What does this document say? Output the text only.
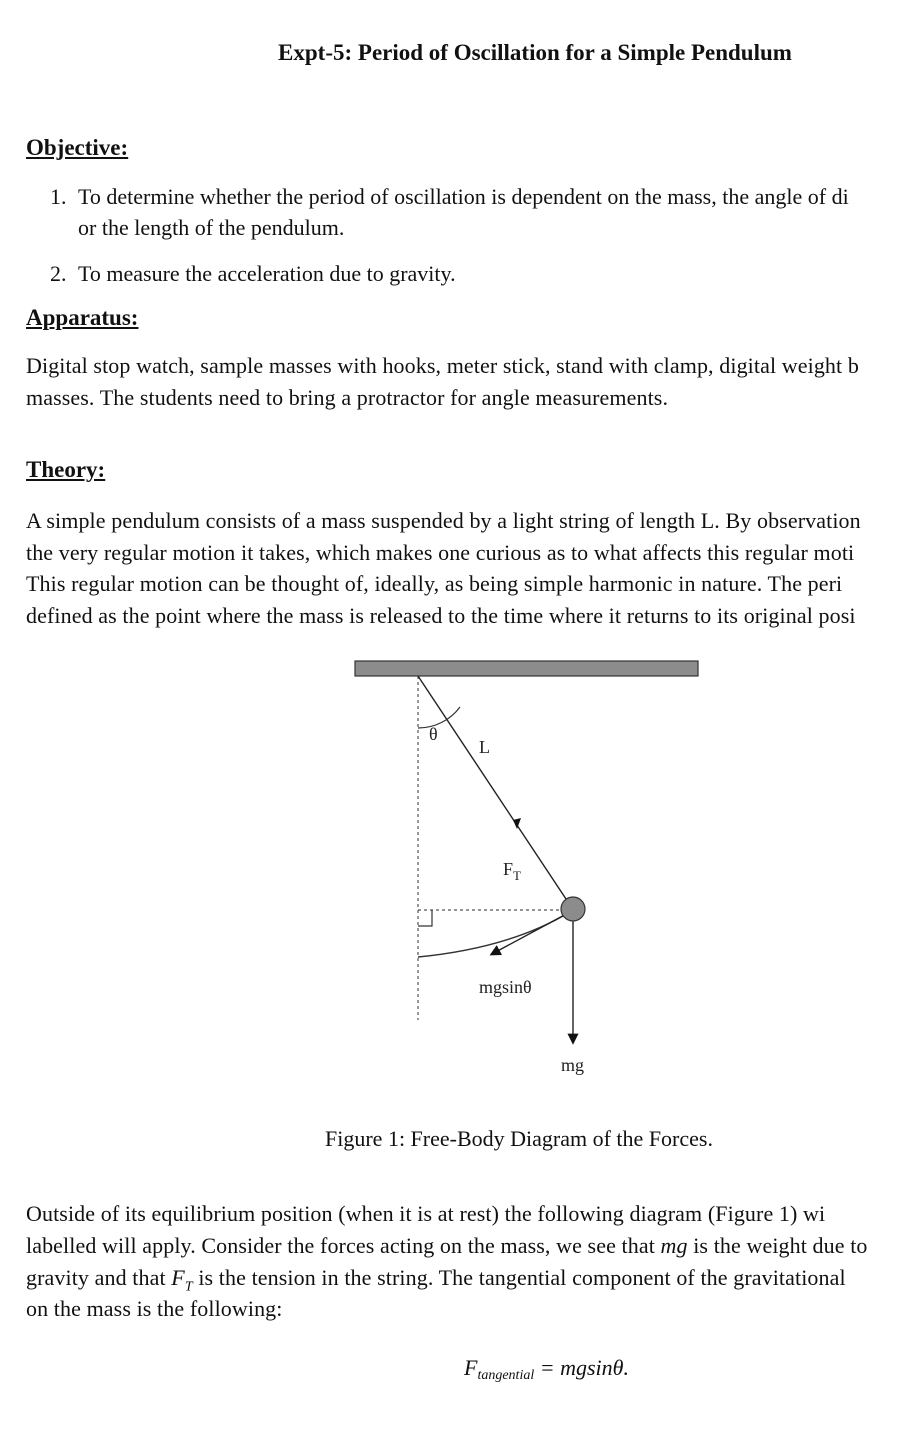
Expt-5: Period of Oscillation for a Simple Pendulum
Objective:
1. To determine whether the period of oscillation is dependent on the mass, the angle of di
or the length of the pendulum.
2. To measure the acceleration due to gravity.
Apparatus:
Digital stop watch, sample masses with hooks, meter stick, stand with clamp, digital weight b
masses. The students need to bring a protractor for angle measurements.
Theory:
A simple pendulum consists of a mass suspended by a light string of length L. By observation
the very regular motion it takes, which makes one curious as to what affects this regular moti
This regular motion can be thought of, ideally, as being simple harmonic in nature. The peri
defined as the point where the mass is released to the time where it returns to its original posi
θ
L
$F_T$
mgsinθ
mg
Figure 1: Free-Body Diagram of the Forces.
Outside of its equilibrium position (when it is at rest) the following diagram (Figure 1) wi
labelled will apply. Consider the forces acting on the mass, we see that mg is the weight due to
gravity and that $F_T$ is the tension in the string. The tangential component of the gravitational
on the mass is the following:
$F_{tangential} = mgsin\theta$.
